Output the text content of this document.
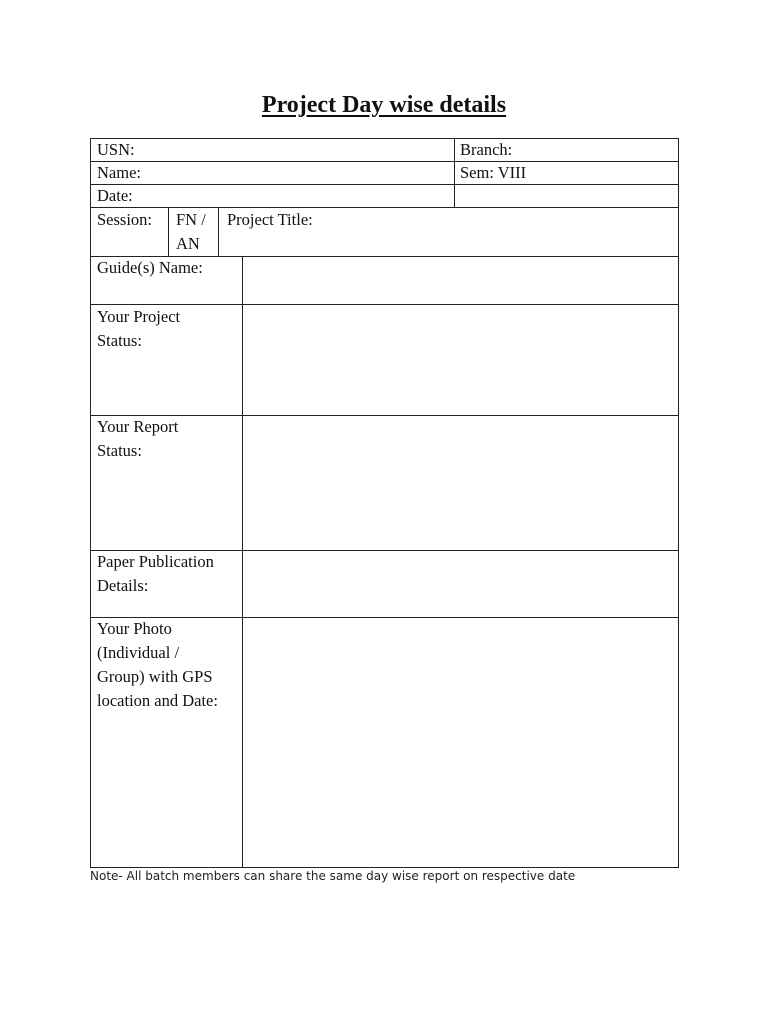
Project Day wise details
USN:	Branch:
Name:	Sem: VIII
Date:
Session: FN /
AN
Project Title:
Guide(s) Name:
Your Project
Status:
Your Report
Status:
Paper Publication
Details:
Your Photo
(Individual /
Group) with GPS
location and Date:
Note- All batch members can share the same day wise report on respective date
